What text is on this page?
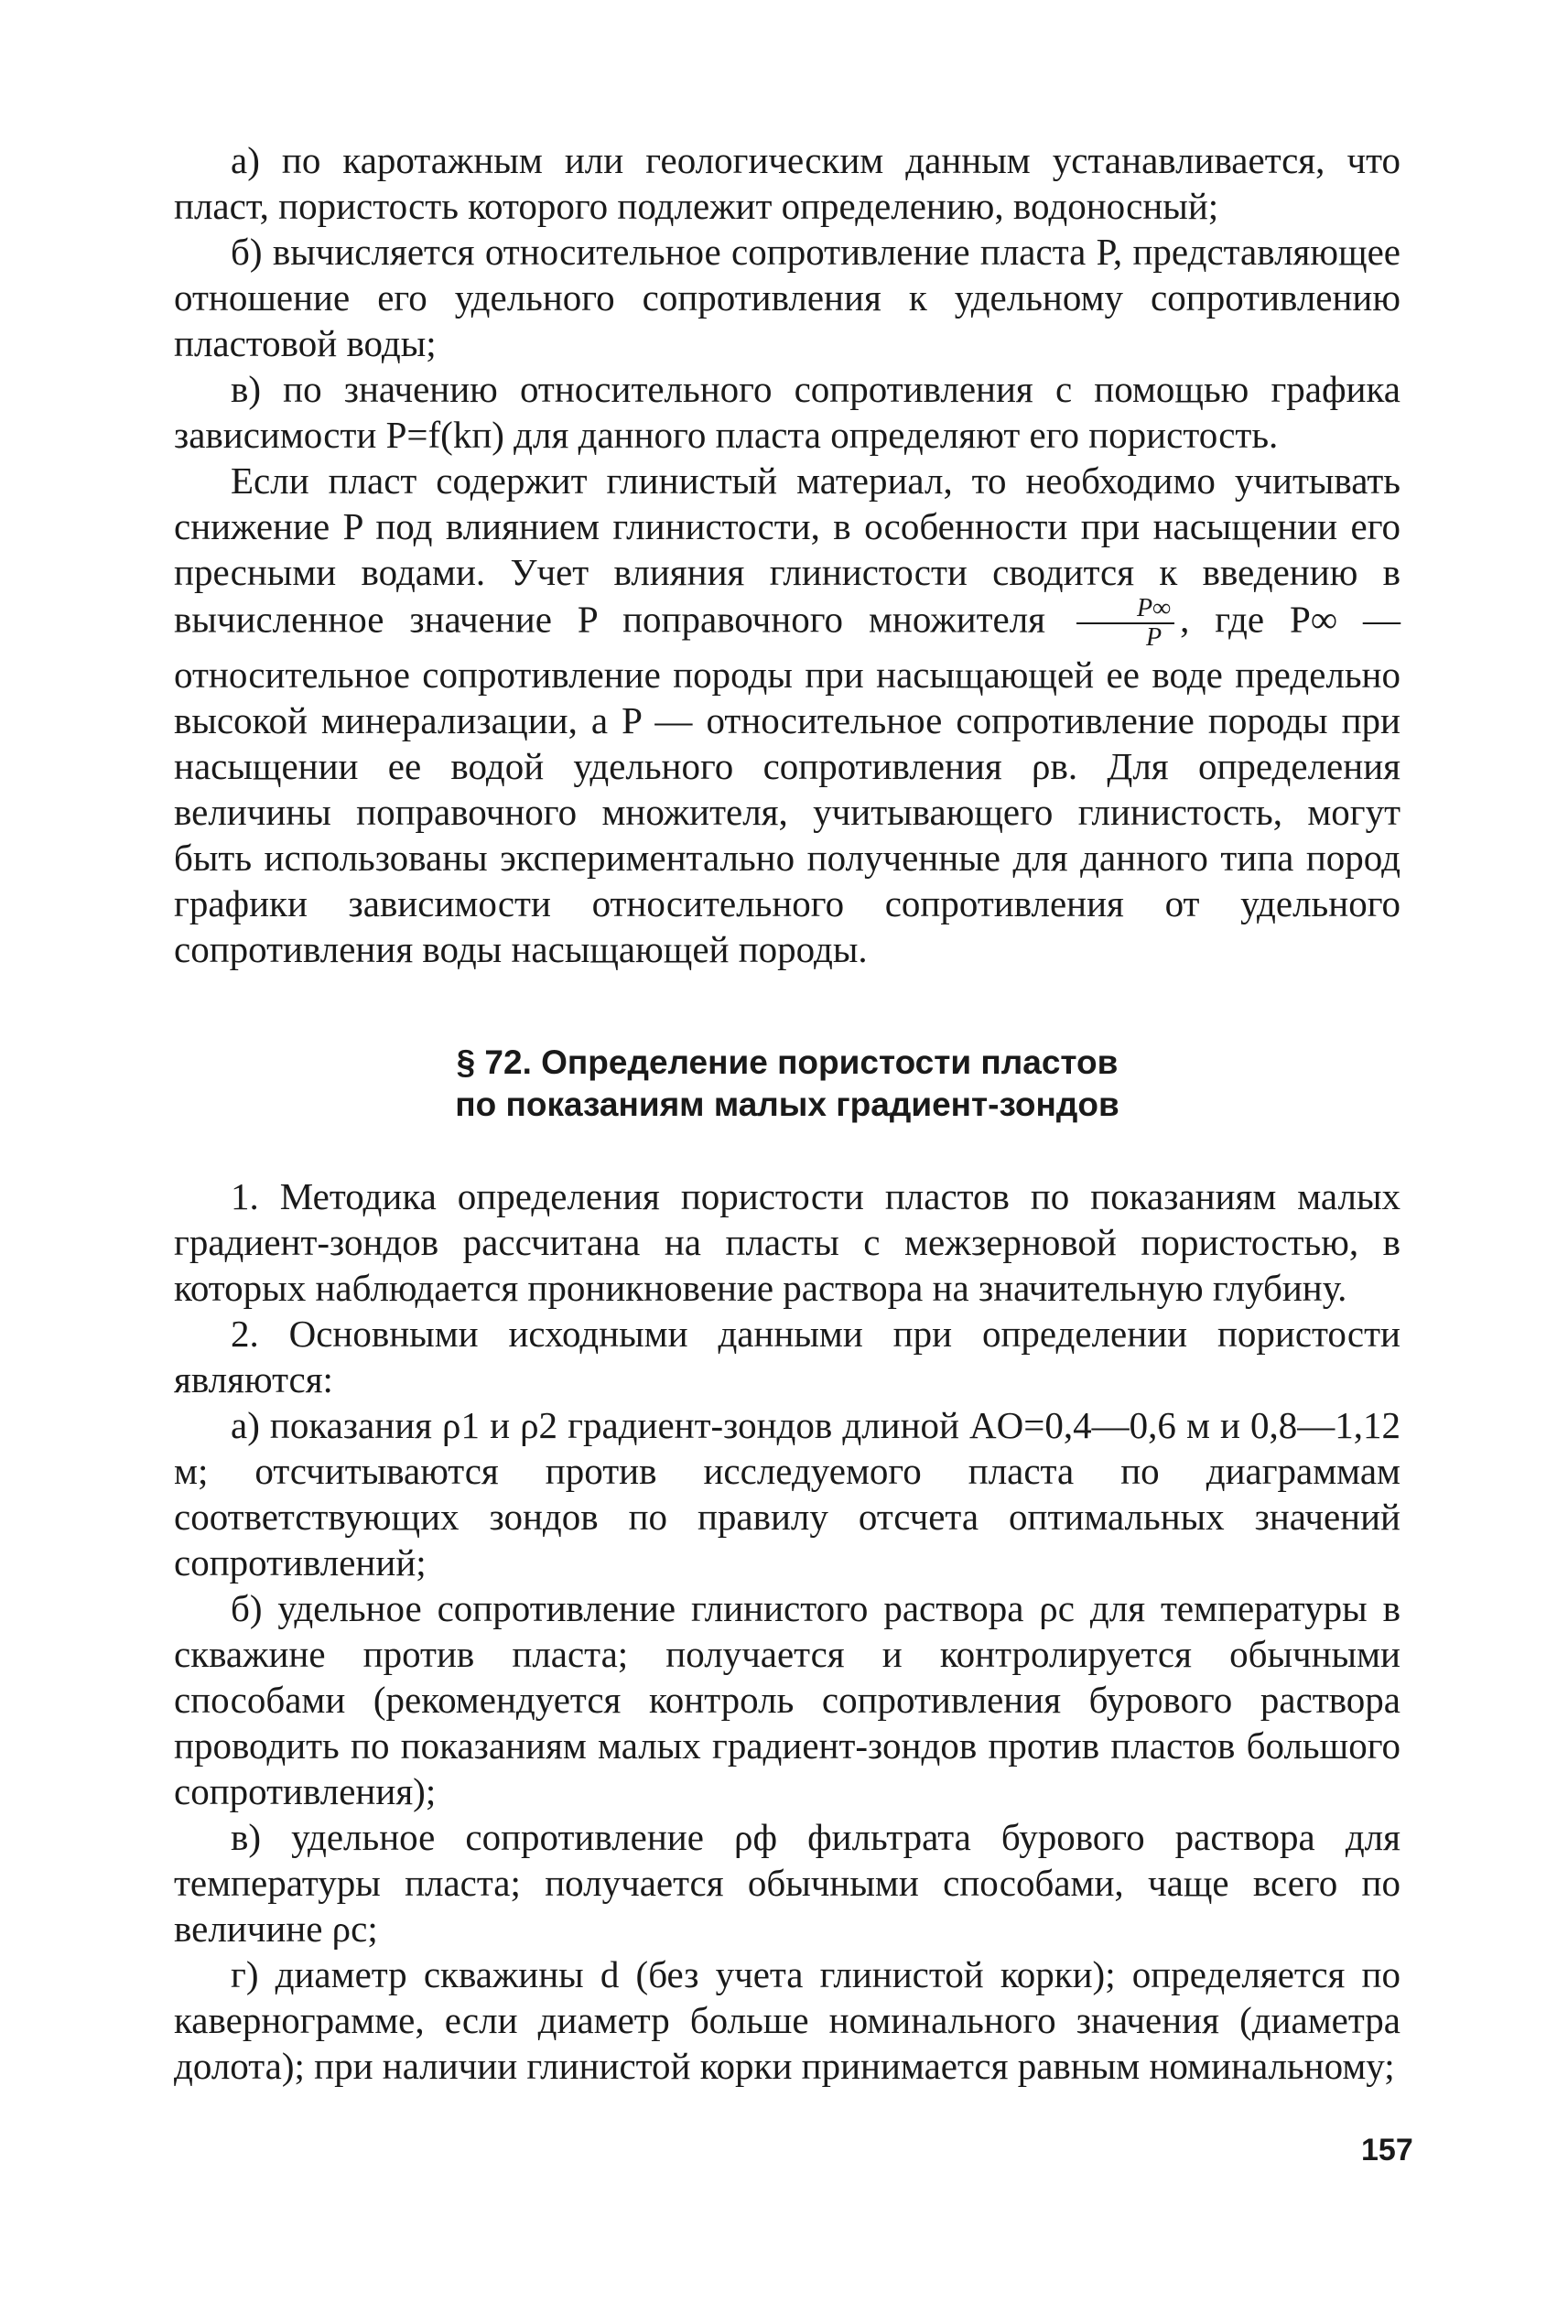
а) по каротажным или геологическим данным устанавливается, что пласт, пористость которого подлежит определению, водоносный;

б) вычисляется относительное сопротивление пласта P, представляющее отношение его удельного сопротивления к удельному сопротивлению пластовой воды;

в) по значению относительного сопротивления с помощью графика зависимости P=f(kп) для данного пласта определяют его пористость.

Если пласт содержит глинистый материал, то необходимо учитывать снижение P под влиянием глинистости, в особенности при насыщении его пресными водами. Учет влияния глинистости сводится к введению в вычисленное значение P поправочного множителя $\frac{P\infty}{P}$ , где P∞ — относительное сопротивление породы при насыщающей ее воде предельно высокой минерализации, a P — относительное сопротивление породы при насыщении ее водой удельного сопротивления ρв. Для определения величины поправочного множителя, учитывающего глинистость, могут быть использованы экспериментально полученные для данного типа пород графики зависимости относительного сопротивления от удельного сопротивления воды насыщающей породы.

§ 72. Определение пористости пластов
по показаниям малых градиент-зондов

1. Методика определения пористости пластов по показаниям малых градиент-зондов рассчитана на пласты с межзерновой пористостью, в которых наблюдается проникновение раствора на значительную глубину.

2. Основными исходными данными при определении пористости являются:

а) показания ρ1 и ρ2 градиент-зондов длиной AO=0,4—0,6 м и 0,8—1,12 м; отсчитываются против исследуемого пласта по диаграммам соответствующих зондов по правилу отсчета оптимальных значений сопротивлений;

б) удельное сопротивление глинистого раствора ρс для температуры в скважине против пласта; получается и контролируется обычными способами (рекомендуется контроль сопротивления бурового раствора проводить по показаниям малых градиент-зондов против пластов большого сопротивления);

в) удельное сопротивление ρф фильтрата бурового раствора для температуры пласта; получается обычными способами, чаще всего по величине ρс;

г) диаметр скважины d (без учета глинистой корки); определяется по кавернограмме, если диаметр больше номинального значения (диаметра долота); при наличии глинистой корки принимается равным номинальному;

157
